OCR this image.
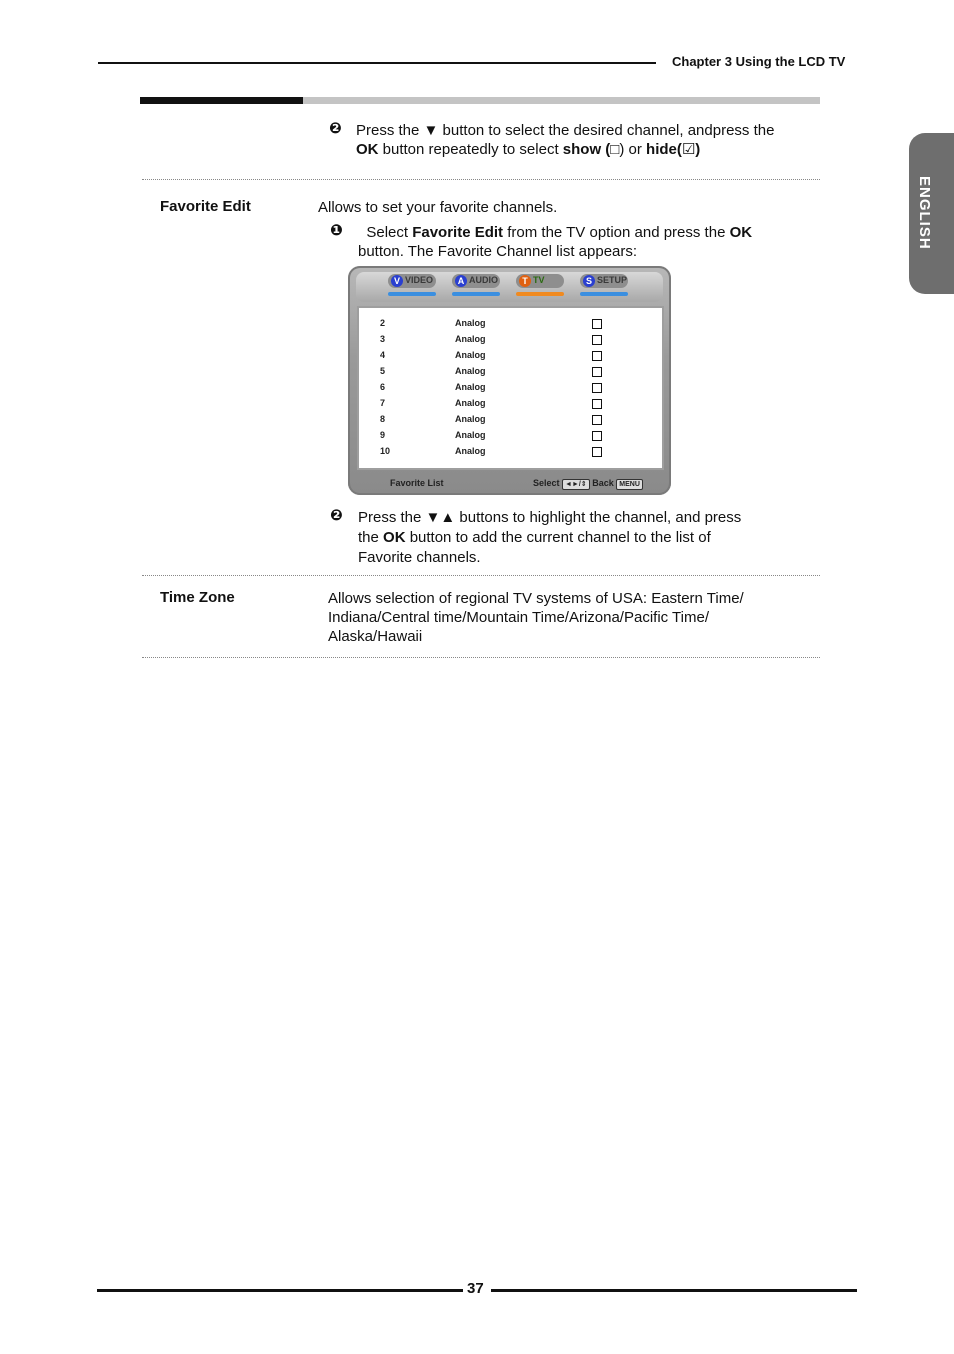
Chapter 3 Using the LCD TV
ENGLISH
❷ Press the ▼ button to select the desired channel, andpress the
OK button repeatedly to select show (□) or hide(☑)
Favorite Edit	Allows to set your favorite channels.
❶	Select Favorite Edit from the TV option and press the OK
button. The Favorite Channel list appears:
V VIDEO	A AUDIO	T TV	S SETUP
2	Analog
3	Analog
4	Analog
5	Analog
6	Analog
7	Analog
8	Analog
9	Analog
10	Analog
Favorite List	Select ◄►/⇕ Back MENU
❷ Press the ▼▲ buttons to highlight the channel, and press
the OK button to add the current channel to the list of
Favorite channels.
Time Zone	Allows selection of regional TV systems of USA: Eastern Time/
Indiana/Central time/Mountain Time/Arizona/Pacific Time/
Alaska/Hawaii
37
